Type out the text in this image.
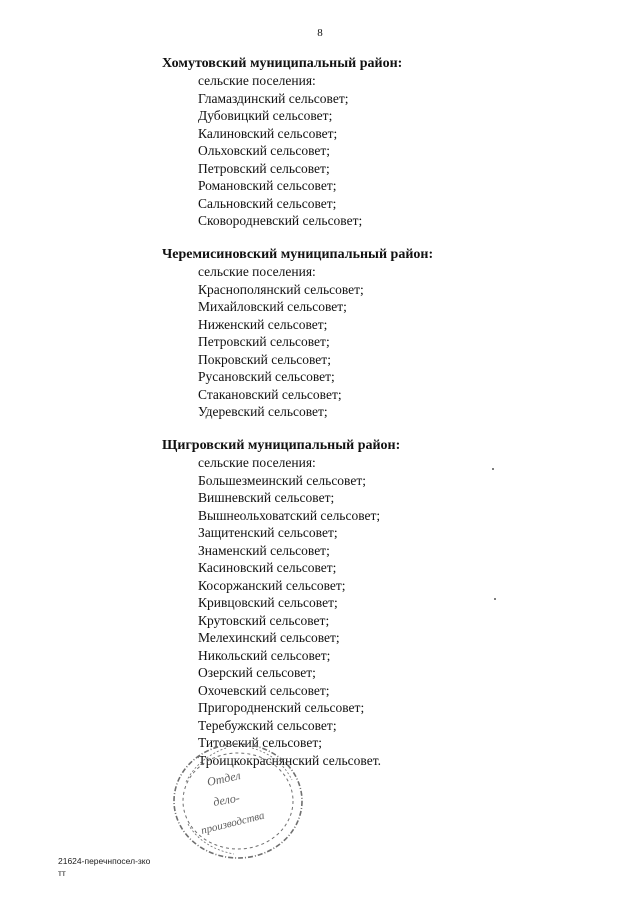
8
Хомутовский муниципальный район:
сельские поселения:
Гламаздинский сельсовет;
Дубовицкий сельсовет;
Калиновский сельсовет;
Ольховский сельсовет;
Петровский сельсовет;
Романовский сельсовет;
Сальновский сельсовет;
Сковородневский сельсовет;
Черемисиновский муниципальный район:
сельские поселения:
Краснополянский сельсовет;
Михайловский сельсовет;
Ниженский сельсовет;
Петровский сельсовет;
Покровский сельсовет;
Русановский сельсовет;
Стакановский сельсовет;
Удеревский сельсовет;
Щигровский муниципальный район:
сельские поселения:
Большезмеинский сельсовет;
Вишневский сельсовет;
Вышнеольховатский сельсовет;
Защитенский сельсовет;
Знаменский сельсовет;
Касиновский сельсовет;
Косоржанский сельсовет;
Кривцовский сельсовет;
Крутовский сельсовет;
Мелехинский сельсовет;
Никольский сельсовет;
Озерский сельсовет;
Охочевский сельсовет;
Пригородненский сельсовет;
Теребужский сельсовет;
Титовский сельсовет;
Троицкокраснянский сельсовет.
Отдел
дело-
производства
21624-перечнпосел-зко
тт
